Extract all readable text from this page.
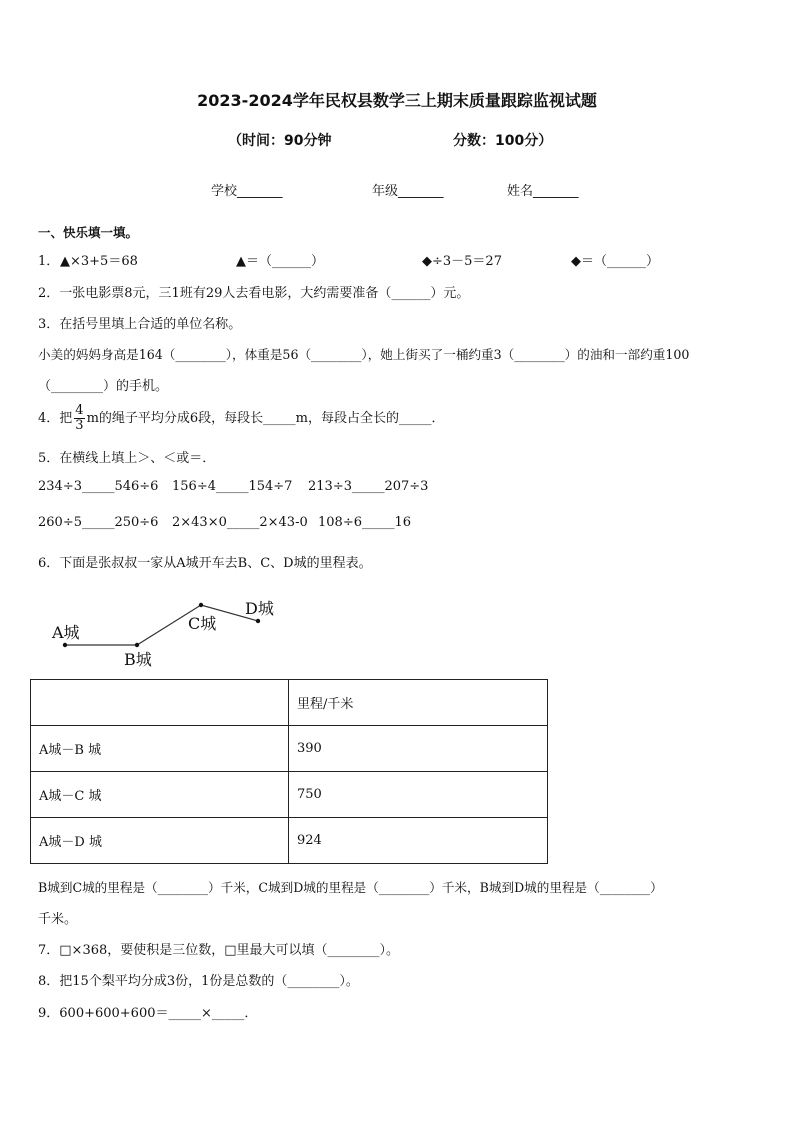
2023-2024学年民权县数学三上期末质量跟踪监视试题
（时间：90分钟	分数：100分）
学校_______	年级_______	姓名_______
一、快乐填一填。
1． ▲×3+5＝68	▲＝（______）	◆÷3－5＝27	◆＝（______）
2．一张电影票8元，三1班有29人去看电影，大约需要准备（______）元。
3．在括号里填上合适的单位名称。
小美的妈妈身高是164（________），体重是56（________），她上街买了一桶约重3（________）的油和一部约重100
（________）的手机。
4．把 $\frac{4}{3}$ m的绳子平均分成6段，每段长_____m，每段占全长的_____．
5．在横线上填上＞、＜或＝．
234÷3_____546÷6 156÷4_____154÷7 213÷3_____207÷3
260÷5_____250÷6 2×43×0_____2×43-0 108÷6_____16
6．下面是张叔叔一家从A城开车去B、C、D城的里程表。
A城
B城
C城
D城
	里程/千米
A城－B 城	390
A城－C 城	750
A城－D 城	924
B城到C城的里程是（________）千米，C城到D城的里程是（________）千米，B城到D城的里程是（________）
千米。
7．□×368，要使积是三位数，□里最大可以填（________）。
8．把15个梨平均分成3份，1份是总数的（________）。
9．600+600+600＝_____×_____．
